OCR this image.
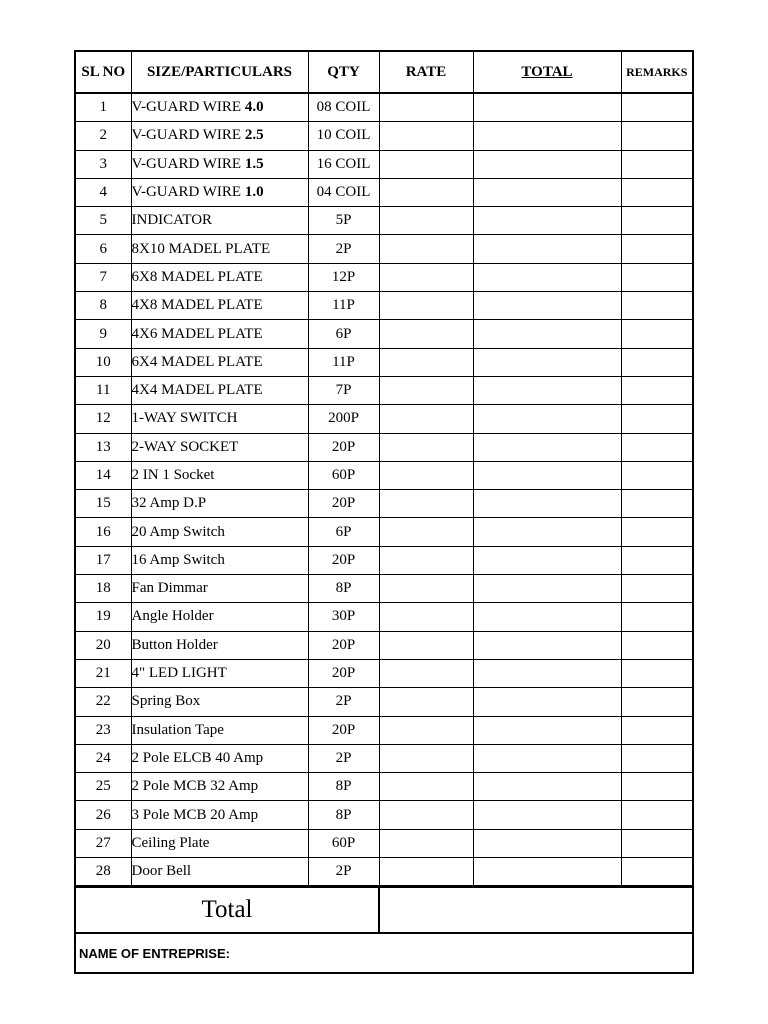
SL NO	SIZE/PARTICULARS	QTY	RATE	TOTAL	REMARKS
1	V-GUARD WIRE 4.0	08 COIL			
2	V-GUARD WIRE 2.5	10 COIL			
3	V-GUARD WIRE 1.5	16 COIL			
4	V-GUARD WIRE 1.0	04 COIL			
5	INDICATOR	5P			
6	8X10 MADEL PLATE	2P			
7	6X8 MADEL PLATE	12P			
8	4X8 MADEL PLATE	11P			
9	4X6 MADEL PLATE	6P			
10	6X4 MADEL PLATE	11P			
11	4X4 MADEL PLATE	7P			
12	1-WAY SWITCH	200P			
13	2-WAY SOCKET	20P			
14	2 IN 1 Socket	60P			
15	32 Amp D.P	20P			
16	20 Amp Switch	6P			
17	16 Amp Switch	20P			
18	Fan Dimmar	8P			
19	Angle Holder	30P			
20	Button Holder	20P			
21	4" LED LIGHT	20P			
22	Spring Box	2P			
23	Insulation Tape	20P			
24	2 Pole ELCB 40 Amp	2P			
25	2 Pole MCB 32 Amp	8P			
26	3 Pole MCB 20 Amp	8P			
27	Ceiling Plate	60P			
28	Door Bell	2P			
Total	
NAME OF ENTREPRISE:
